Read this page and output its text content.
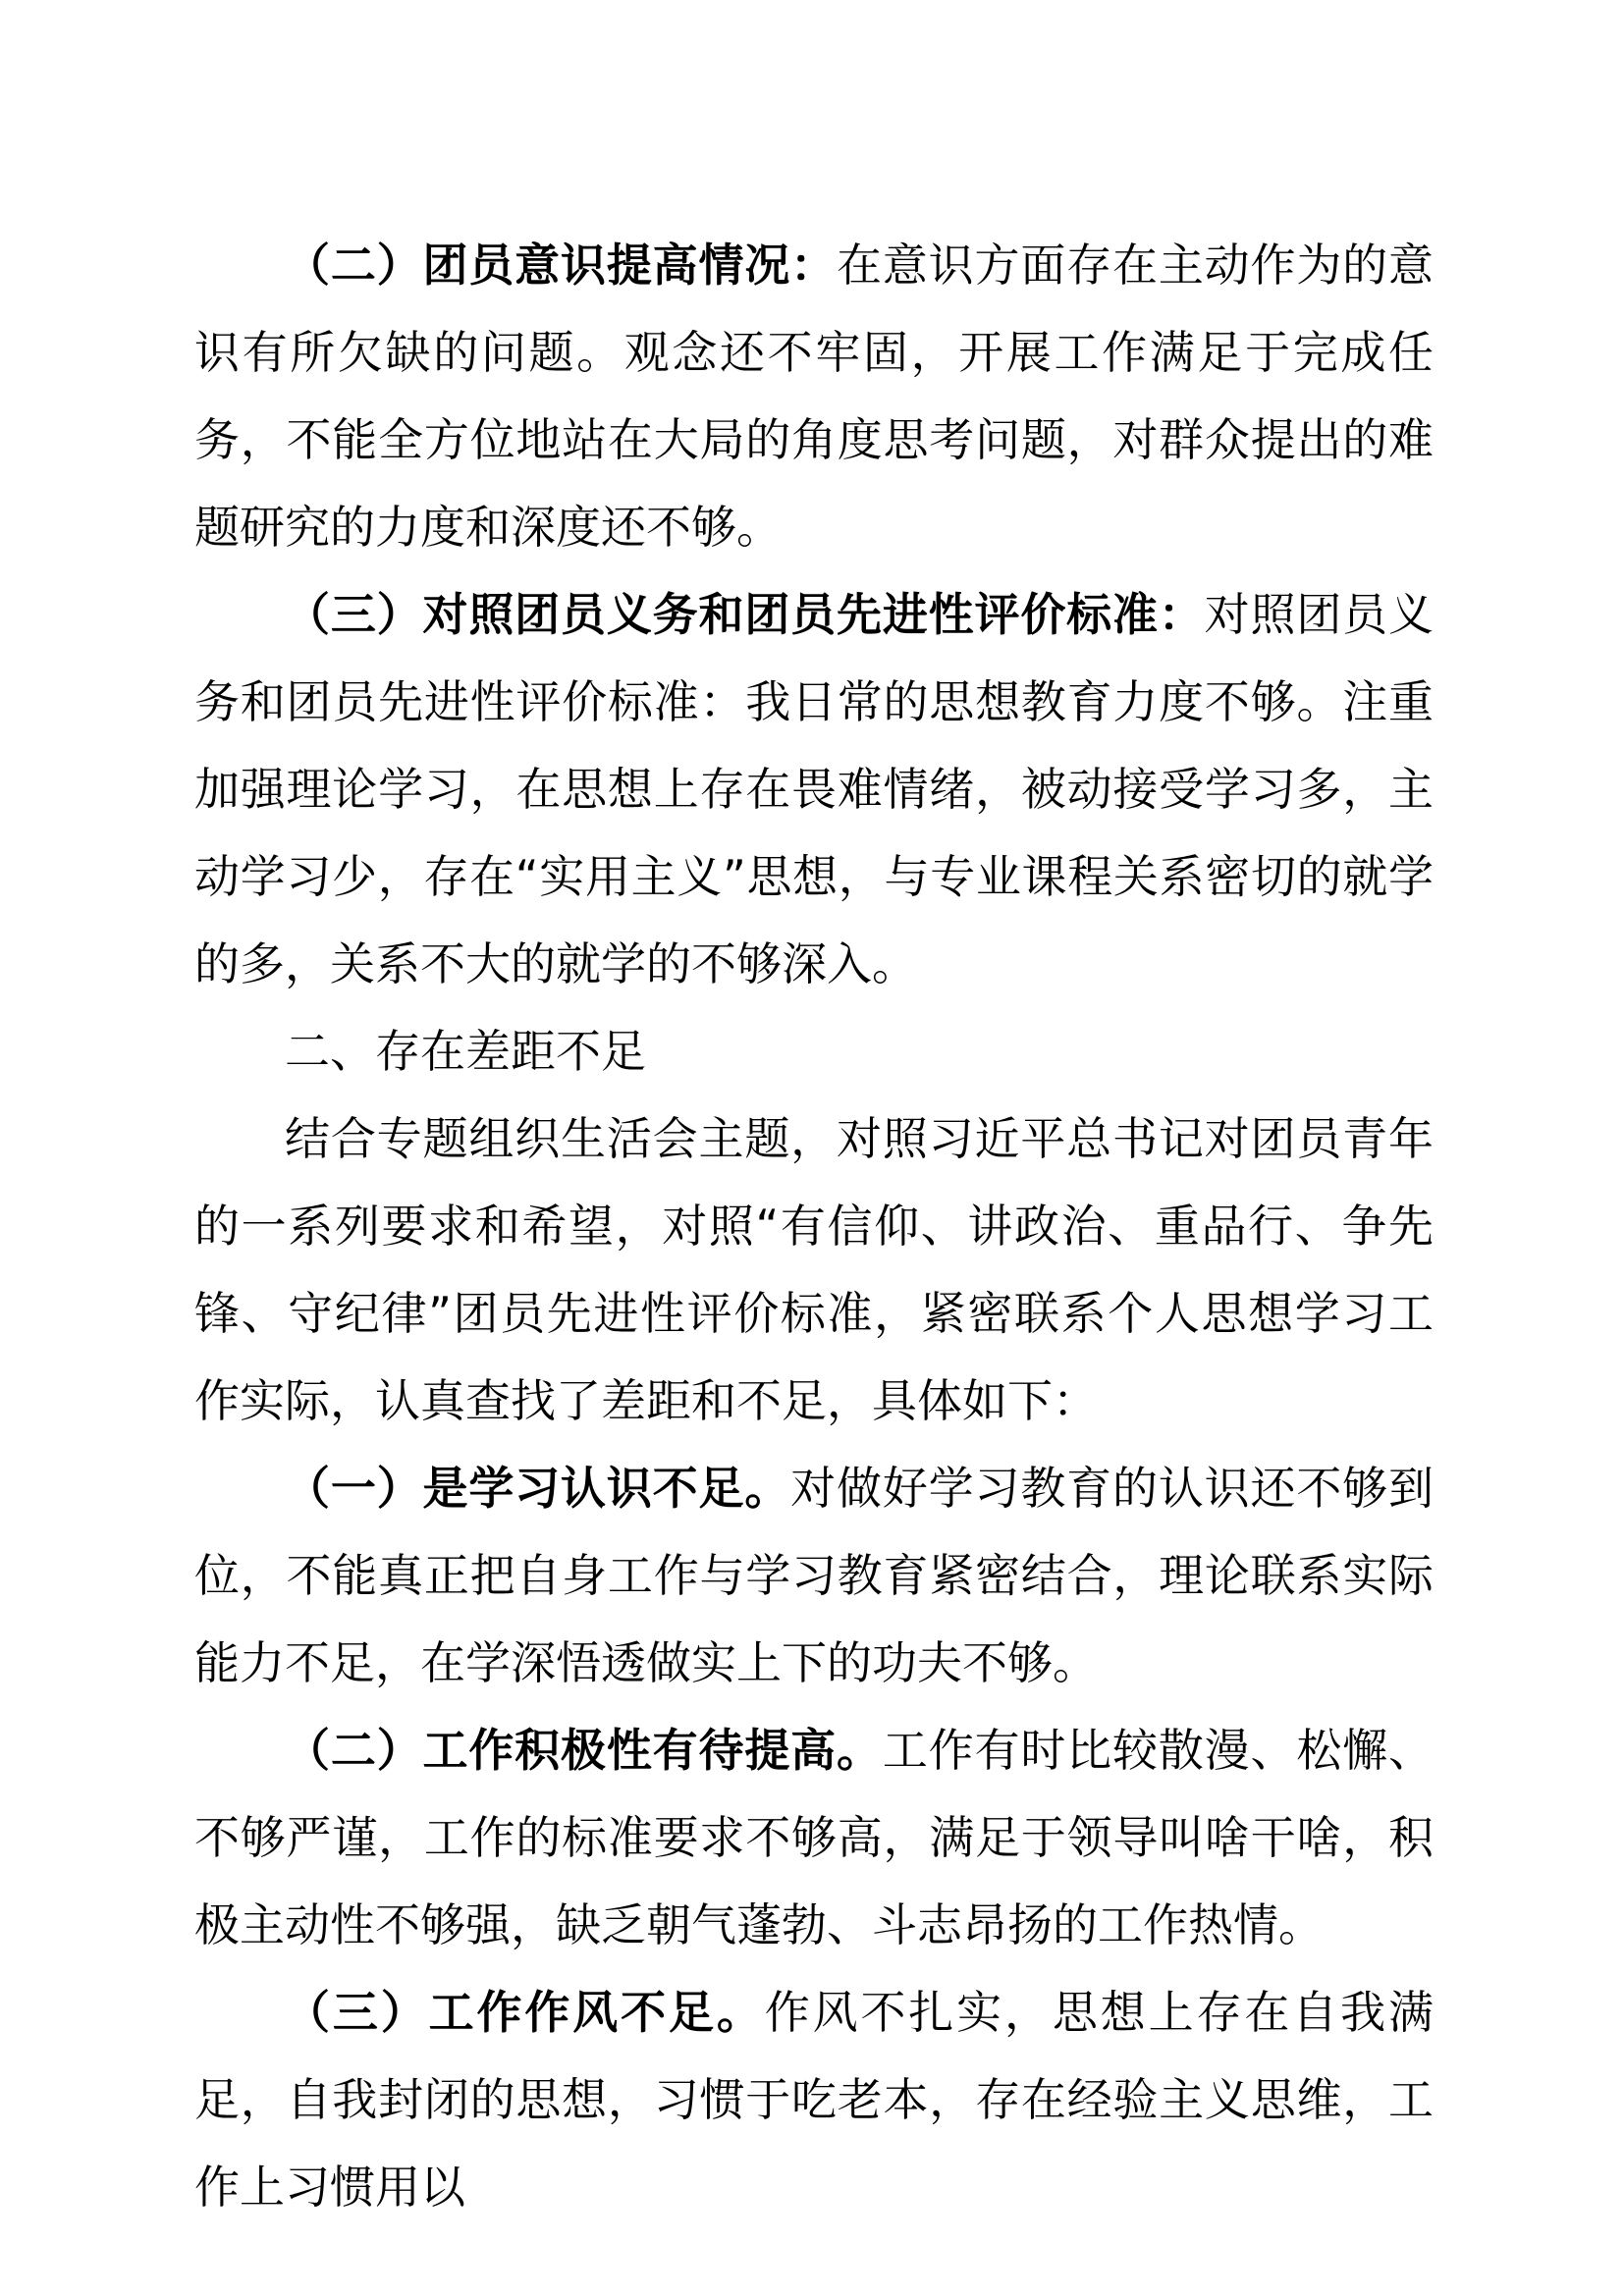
（二）团员意识提高情况：在意识方面存在主动作为的意识有所欠缺的问题。观念还不牢固，开展工作满足于完成任务，不能全方位地站在大局的角度思考问题，对群众提出的难题研究的力度和深度还不够。

（三）对照团员义务和团员先进性评价标准：对照团员义务和团员先进性评价标准：我日常的思想教育力度不够。注重加强理论学习，在思想上存在畏难情绪，被动接受学习多，主动学习少，存在“实用主义”思想，与专业课程关系密切的就学的多，关系不大的就学的不够深入。

二、存在差距不足

结合专题组织生活会主题，对照习近平总书记对团员青年的一系列要求和希望，对照“有信仰、讲政治、重品行、争先锋、守纪律”团员先进性评价标准，紧密联系个人思想学习工作实际，认真查找了差距和不足，具体如下：

（一）是学习认识不足。对做好学习教育的认识还不够到位，不能真正把自身工作与学习教育紧密结合，理论联系实际能力不足，在学深悟透做实上下的功夫不够。

（二）工作积极性有待提高。工作有时比较散漫、松懈、不够严谨，工作的标准要求不够高，满足于领导叫啥干啥，积极主动性不够强，缺乏朝气蓬勃、斗志昂扬的工作热情。

（三）工作作风不足。作风不扎实，思想上存在自我满足，自我封闭的思想，习惯于吃老本，存在经验主义思维，工作上习惯用以
